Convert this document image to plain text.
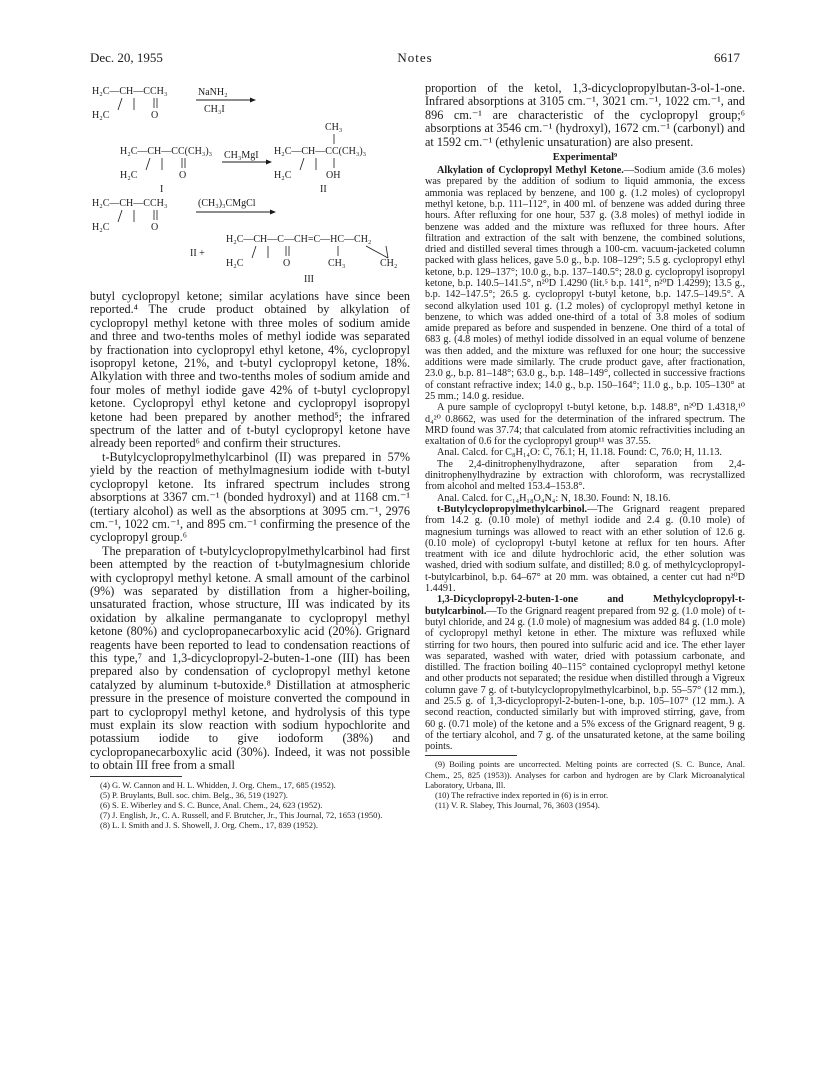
Dec. 20, 1955	Notes	6617
H₂C—CH—CCH₃
H₂C	O
NaNH₂
CH₃I
CH₃
H₂C—CH—CC(CH₃)₃
H₂C	O
CH₃MgI H₂C—CH—CC(CH₃)₃
H₂C	OH
I	II
H₂C—CH—CCH₃
H₂C	O
(CH₃)₃CMgCl
II +
H₂C—CH—C—CH=C—HC—CH₂
H₂C	O	CH₃	CH₂
III

butyl cyclopropyl ketone; similar acylations have since been reported.⁴ The crude product obtained by alkylation of cyclopropyl methyl ketone with three moles of sodium amide and three and two-tenths moles of methyl iodide was separated by fractionation into cyclopropyl ethyl ketone, 4%, cyclopropyl isopropyl ketone, 21%, and t-butyl cyclopropyl ketone, 18%. Alkylation with three and two-tenths moles of sodium amide and four moles of methyl iodide gave 42% of t-butyl cyclopropyl ketone. Cyclopropyl ethyl ketone and cyclopropyl isopropyl ketone had been prepared by another method⁵; the infrared spectrum of the latter and of t-butyl cyclopropyl ketone have already been reported⁶ and confirm their structures.

t-Butylcyclopropylmethylcarbinol (II) was prepared in 57% yield by the reaction of methylmagnesium iodide with t-butyl cyclopropyl ketone. Its infrared spectrum includes strong absorptions at 3367 cm.⁻¹ (bonded hydroxyl) and at 1168 cm.⁻¹ (tertiary alcohol) as well as the absorptions at 3095 cm.⁻¹, 2976 cm.⁻¹, 1022 cm.⁻¹, and 895 cm.⁻¹ confirming the presence of the cyclopropyl group.⁶

The preparation of t-butylcyclopropylmethylcarbinol had first been attempted by the reaction of t-butylmagnesium chloride with cyclopropyl methyl ketone. A small amount of the carbinol (9%) was separated by distillation from a higher-boiling, unsaturated fraction, whose structure, III was indicated by its oxidation by alkaline permanganate to cyclopropyl methyl ketone (80%) and cyclopropanecarboxylic acid (20%). Grignard reagents have been reported to lead to condensation reactions of this type,⁷ and 1,3-dicyclopropyl-2-buten-1-one (III) has been prepared also by condensation of cyclopropyl methyl ketone catalyzed by aluminum t-butoxide.⁸ Distillation at atmospheric pressure in the presence of moisture converted the compound in part to cyclopropyl methyl ketone, and hydrolysis of this type must explain its slow reaction with sodium hypochlorite and potassium iodide to give iodoform (38%) and cyclopropanecarboxylic acid (30%). Indeed, it was not possible to obtain III free from a small

(4) G. W. Cannon and H. L. Whidden, J. Org. Chem., 17, 685 (1952).

(5) P. Bruylants, Bull. soc. chim. Belg., 36, 519 (1927).

(6) S. E. Wiberley and S. C. Bunce, Anal. Chem., 24, 623 (1952).

(7) J. English, Jr., C. A. Russell, and F. Brutcher, Jr., This Journal, 72, 1653 (1950).

(8) L. I. Smith and J. S. Showell, J. Org. Chem., 17, 839 (1952).

proportion of the ketol, 1,3-dicyclopropylbutan-3-ol-1-one. Infrared absorptions at 3105 cm.⁻¹, 3021 cm.⁻¹, 1022 cm.⁻¹, and 896 cm.⁻¹ are characteristic of the cyclopropyl group;⁶ absorptions at 3546 cm.⁻¹ (hydroxyl), 1672 cm.⁻¹ (carbonyl) and at 1592 cm.⁻¹ (ethylenic unsaturation) are also present.

Experimental⁹

Alkylation of Cyclopropyl Methyl Ketone.—Sodium amide (3.6 moles) was prepared by the addition of sodium to liquid ammonia, the excess ammonia was replaced by benzene, and 100 g. (1.2 moles) of cyclopropyl methyl ketone, b.p. 111–112°, in 400 ml. of benzene was added during three hours. After refluxing for one hour, 537 g. (3.8 moles) of methyl iodide in benzene was added and the mixture was refluxed for three hours. After filtration and extraction of the salt with benzene, the combined solutions, dried and distilled several times through a 100-cm. vacuum-jacketed column packed with glass helices, gave 5.0 g., b.p. 108–129°; 5.5 g. cyclopropyl ethyl ketone, b.p. 129–137°; 10.0 g., b.p. 137–140.5°; 28.0 g. cyclopropyl isopropyl ketone, b.p. 140.5–141.5°, n²⁰D 1.4290 (lit.⁵ b.p. 141°, n²⁰D 1.4299); 13.5 g., b.p. 142–147.5°; 26.5 g. cyclopropyl t-butyl ketone, b.p. 147.5–149.5°. A second alkylation used 101 g. (1.2 moles) of cyclopropyl methyl ketone in benzene, to which was added one-third of a total of 3.8 moles of sodium amide prepared as before and suspended in benzene. One third of a total of 683 g. (4.8 moles) of methyl iodide dissolved in an equal volume of benzene was then added, and the mixture was refluxed for one hour; the successive additions were made similarly. The crude product gave, after fractionation, 23.0 g., b.p. 81–148°; 63.0 g., b.p. 148–149°, collected in successive fractions of constant refractive index; 14.0 g., b.p. 150–164°; 11.0 g., b.p. 105–130° at 25 mm.; 14.0 g. residue.

A pure sample of cyclopropyl t-butyl ketone, b.p. 148.8°, n²⁰D 1.4318,¹⁰ d₄²⁰ 0.8662, was used for the determination of the infrared spectrum. The MRD found was 37.74; that calculated from atomic refractivities including an exaltation of 0.6 for the cyclopropyl group¹¹ was 37.55.

Anal. Calcd. for C₈H₁₄O: C, 76.1; H, 11.18. Found: C, 76.0; H, 11.13.

The 2,4-dinitrophenylhydrazone, after separation from 2,4-dinitrophenylhydrazine by extraction with chloroform, was recrystallized from alcohol and melted 153.4–153.8°.

Anal. Calcd. for C₁₄H₁₈O₄N₄: N, 18.30. Found: N, 18.16.

t-Butylcyclopropylmethylcarbinol.—The Grignard reagent prepared from 14.2 g. (0.10 mole) of methyl iodide and 2.4 g. (0.10 mole) of magnesium turnings was allowed to react with an ether solution of 12.6 g. (0.10 mole) of cyclopropyl t-butyl ketone at reflux for ten hours. After treatment with ice and dilute hydrochloric acid, the ether solution was washed, dried with sodium sulfate, and distilled; 8.0 g. of methylcyclopropyl-t-butylcarbinol, b.p. 64–67° at 20 mm. was obtained, a center cut had n²⁰D 1.4491.

1,3-Dicyclopropyl-2-buten-1-one and Methylcyclopropyl-t-butylcarbinol.—To the Grignard reagent prepared from 92 g. (1.0 mole) of t-butyl chloride, and 24 g. (1.0 mole) of magnesium was added 84 g. (1.0 mole) of cyclopropyl methyl ketone in ether. The mixture was refluxed while stirring for two hours, then poured into sulfuric acid and ice. The ether layer was separated, washed with water, dried with potassium carbonate, and distilled. The fraction boiling 40–115° contained cyclopropyl methyl ketone and other products not separated; the residue when distilled through a Vigreux column gave 7 g. of t-butylcyclopropylmethylcarbinol, b.p. 55–57° (12 mm.), and 25.5 g. of 1,3-dicyclopropyl-2-buten-1-one, b.p. 105–107° (12 mm.). A second reaction, conducted similarly but with improved stirring, gave, from 60 g. (0.71 mole) of the ketone and a 5% excess of the Grignard reagent, 9 g. of the tertiary alcohol, and 7 g. of the unsaturated ketone, at the same boiling points.

(9) Boiling points are uncorrected. Melting points are corrected (S. C. Bunce, Anal. Chem., 25, 825 (1953)). Analyses for carbon and hydrogen are by Clark Microanalytical Laboratory, Urbana, Ill.

(10) The refractive index reported in (6) is in error.

(11) V. R. Slabey, This Journal, 76, 3603 (1954).
